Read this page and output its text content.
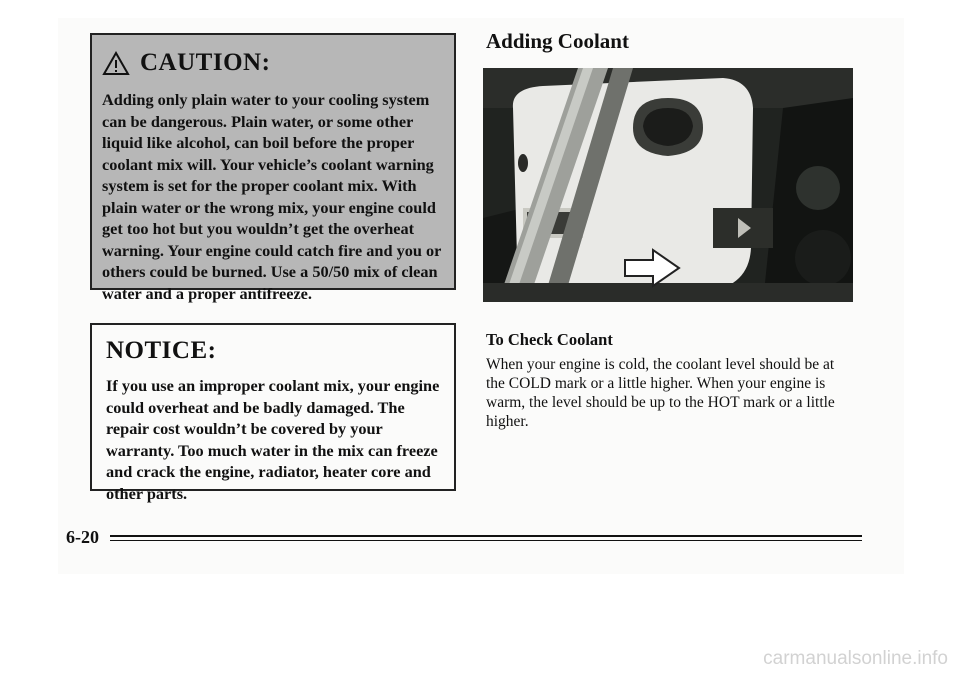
CAUTION:
Adding only plain water to your cooling system can be dangerous. Plain water, or some other liquid like alcohol, can boil before the proper coolant mix will. Your vehicle’s coolant warning system is set for the proper coolant mix. With plain water or the wrong mix, your engine could get too hot but you wouldn’t get the overheat warning. Your engine could catch fire and you or others could be burned. Use a 50/50 mix of clean water and a proper antifreeze.
NOTICE:
If you use an improper coolant mix, your engine could overheat and be badly damaged. The repair cost wouldn’t be covered by your warranty. Too much water in the mix can freeze and crack the engine, radiator, heater core and other parts.
Adding Coolant
To Check Coolant
When your engine is cold, the coolant level should be at the COLD mark or a little higher. When your engine is warm, the level should be up to the HOT mark or a little higher.
6-20
carmanualsonline.info
